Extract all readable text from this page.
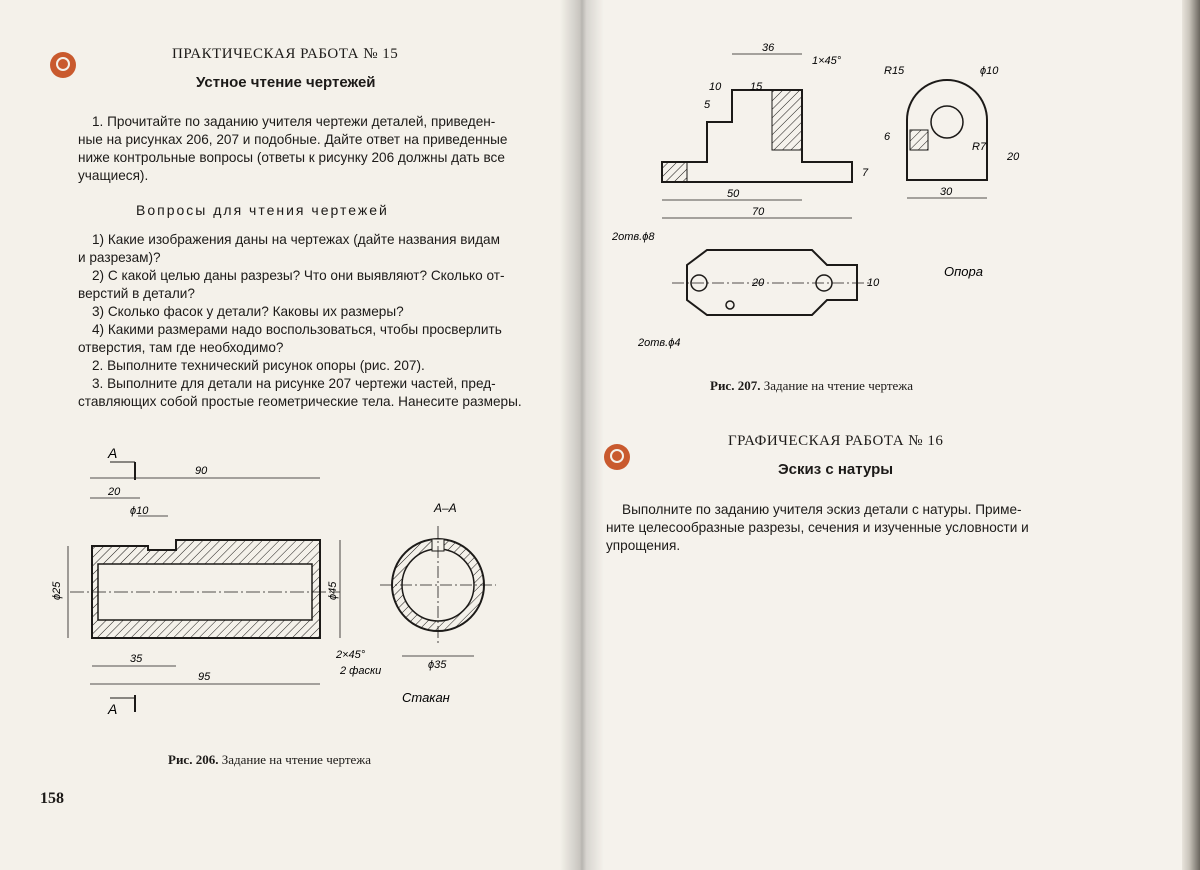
ПРАКТИЧЕСКАЯ РАБОТА № 15

Устное чтение чертежей

1. Прочитайте по заданию учителя чертежи деталей, приведен-

ные на рисунках 206, 207 и подобные. Дайте ответ на приведенные

ниже контрольные вопросы (ответы к рисунку 206 должны дать все

учащиеся).

Вопросы для чтения чертежей

1) Какие изображения даны на чертежах (дайте названия видам

и разрезам)?

2) С какой целью даны разрезы? Что они выявляют? Сколько от-

верстий в детали?

3) Сколько фасок у детали? Каковы их размеры?

4) Какими размерами надо воспользоваться, чтобы просверлить

отверстия, там где необходимо?

2. Выполните технический рисунок опоры (рис. 207).

3. Выполните для детали на рисунке 207 чертежи частей, пред-

ставляющих собой простые геометрические тела. Нанесите размеры.

A
A
90
20
ϕ10
ϕ25	ϕ45
35
95
2×45°
2 фаски
A–A
ϕ35
Стакан

Рис. 206. Задание на чтение чертежа

158

36
1×45°
10	15
5
50
70
7
R15	ϕ10
6
R7
20
30
2отв.ϕ8
2отв.ϕ4
20	10
Опора

Рис. 207. Задание на чтение чертежа

ГРАФИЧЕСКАЯ РАБОТА № 16

Эскиз с натуры

Выполните по заданию учителя эскиз детали с натуры. Приме-

ните целесообразные разрезы, сечения и изученные условности и

упрощения.
